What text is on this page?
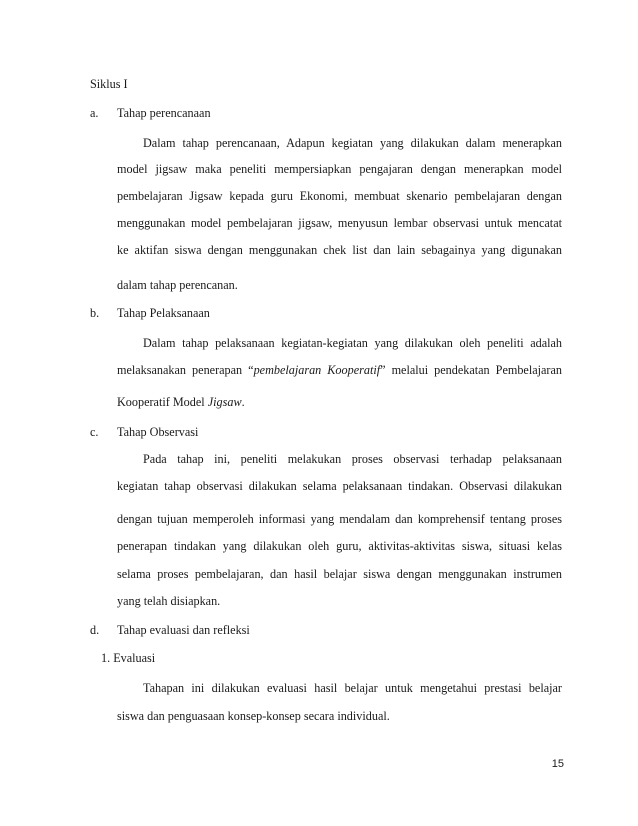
Siklus I
a. Tahap perencanaan
Dalam tahap perencanaan, Adapun kegiatan yang dilakukan dalam menerapkan
model jigsaw maka peneliti mempersiapkan pengajaran dengan menerapkan model
pembelajaran Jigsaw kepada guru Ekonomi, membuat skenario pembelajaran dengan
menggunakan model pembelajaran jigsaw, menyusun lembar observasi untuk mencatat
ke aktifan siswa dengan menggunakan chek list dan lain sebagainya yang digunakan
dalam tahap perencanan.
b. Tahap Pelaksanaan
Dalam tahap pelaksanaan kegiatan-kegiatan yang dilakukan oleh peneliti adalah
melaksanakan penerapan “pembelajaran Kooperatif” melalui pendekatan Pembelajaran
Kooperatif Model Jigsaw.
c. Tahap Observasi
Pada tahap ini, peneliti melakukan proses observasi terhadap pelaksanaan
kegiatan tahap observasi dilakukan selama pelaksanaan tindakan. Observasi dilakukan
dengan tujuan memperoleh informasi yang mendalam dan komprehensif tentang proses
penerapan tindakan yang dilakukan oleh guru, aktivitas-aktivitas siswa, situasi kelas
selama proses pembelajaran, dan hasil belajar siswa dengan menggunakan instrumen
yang telah disiapkan.
d. Tahap evaluasi dan refleksi
1. Evaluasi
Tahapan ini dilakukan evaluasi hasil belajar untuk mengetahui prestasi belajar
siswa dan penguasaan konsep-konsep secara individual.
15
